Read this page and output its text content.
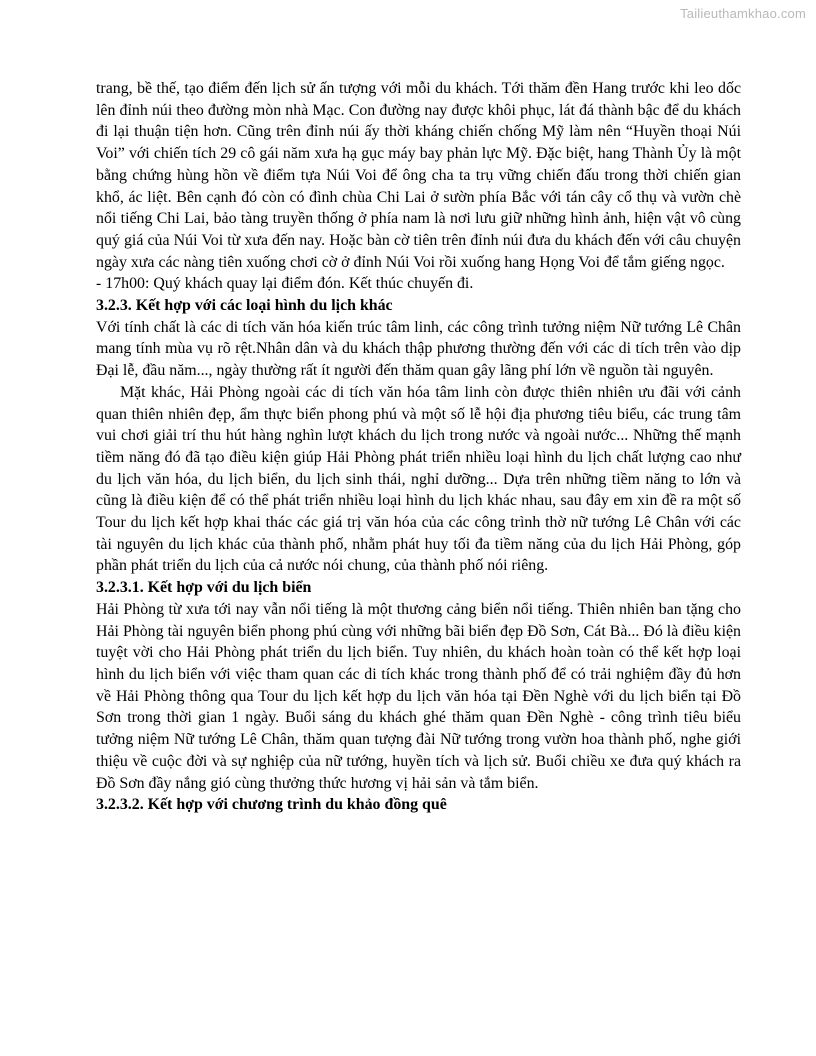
Tailieuthamkhao.com

trang, bề thế, tạo điểm đến lịch sử ấn tượng với mỗi du khách. Tới thăm đền Hang trước khi leo dốc lên đỉnh núi theo đường mòn nhà Mạc. Con đường nay được khôi phục, lát đá thành bậc để du khách đi lại thuận tiện hơn. Cũng trên đỉnh núi ấy thời kháng chiến chống Mỹ làm nên “Huyền thoại Núi Voi” với chiến tích 29 cô gái năm xưa hạ gục máy bay phản lực Mỹ. Đặc biệt, hang Thành Ủy là một bằng chứng hùng hồn về điểm tựa Núi Voi để ông cha ta trụ vững chiến đấu trong thời chiến gian khổ, ác liệt. Bên cạnh đó còn có đình chùa Chi Lai ở sườn phía Bắc với tán cây cổ thụ và vườn chè nổi tiếng Chi Lai, bảo tàng truyền thống ở phía nam là nơi lưu giữ những hình ảnh, hiện vật vô cùng quý giá của Núi Voi từ xưa đến nay. Hoặc bàn cờ tiên trên đỉnh núi đưa du khách đến với câu chuyện ngày xưa các nàng tiên xuống chơi cờ ở đỉnh Núi Voi rồi xuống hang Họng Voi để tắm giếng ngọc.

- 17h00: Quý khách quay lại điểm đón. Kết thúc chuyến đi.

3.2.3. Kết hợp với các loại hình du lịch khác

Với tính chất là các di tích văn hóa kiến trúc tâm linh, các công trình tưởng niệm Nữ tướng Lê Chân mang tính mùa vụ rõ rệt.Nhân dân và du khách thập phương thường đến với các di tích trên vào dịp Đại lễ, đầu năm..., ngày thường rất ít người đến thăm quan gây lãng phí lớn về nguồn tài nguyên.

Mặt khác, Hải Phòng ngoài các di tích văn hóa tâm linh còn được thiên nhiên ưu đãi với cảnh quan thiên nhiên đẹp, ẩm thực biển phong phú và một số lễ hội địa phương tiêu biểu, các trung tâm vui chơi giải trí thu hút hàng nghìn lượt khách du lịch trong nước và ngoài nước... Những thế mạnh tiềm năng đó đã tạo điều kiện giúp Hải Phòng phát triển nhiều loại hình du lịch chất lượng cao như du lịch văn hóa, du lịch biển, du lịch sinh thái, nghỉ dưỡng... Dựa trên những tiềm năng to lớn và cũng là điều kiện để có thể phát triển nhiều loại hình du lịch khác nhau, sau đây em xin đề ra một số Tour du lịch kết hợp khai thác các giá trị văn hóa của các công trình thờ nữ tướng Lê Chân với các tài nguyên du lịch khác của thành phố, nhằm phát huy tối đa tiềm năng của du lịch Hải Phòng, góp phần phát triển du lịch của cả nước nói chung, của thành phố nói riêng.

3.2.3.1. Kết hợp với du lịch biển

Hải Phòng từ xưa tới nay vẫn nổi tiếng là một thương cảng biển nổi tiếng. Thiên nhiên ban tặng cho Hải Phòng tài nguyên biển phong phú cùng với những bãi biển đẹp Đồ Sơn, Cát Bà... Đó là điều kiện tuyệt vời cho Hải Phòng phát triển du lịch biển. Tuy nhiên, du khách hoàn toàn có thể kết hợp loại hình du lịch biển với việc tham quan các di tích khác trong thành phố để có trải nghiệm đầy đủ hơn về Hải Phòng thông qua Tour du lịch kết hợp du lịch văn hóa tại Đền Nghè với du lịch biển tại Đồ Sơn trong thời gian 1 ngày. Buổi sáng du khách ghé thăm quan Đền Nghè - công trình tiêu biểu tưởng niệm Nữ tướng Lê Chân, thăm quan tượng đài Nữ tướng trong vườn hoa thành phố, nghe giới thiệu về cuộc đời và sự nghiệp của nữ tướng, huyền tích và lịch sử. Buổi chiều xe đưa quý khách ra Đồ Sơn đầy nắng gió cùng thưởng thức hương vị hải sản và tắm biển.

3.2.3.2. Kết hợp với chương trình du khảo đồng quê
